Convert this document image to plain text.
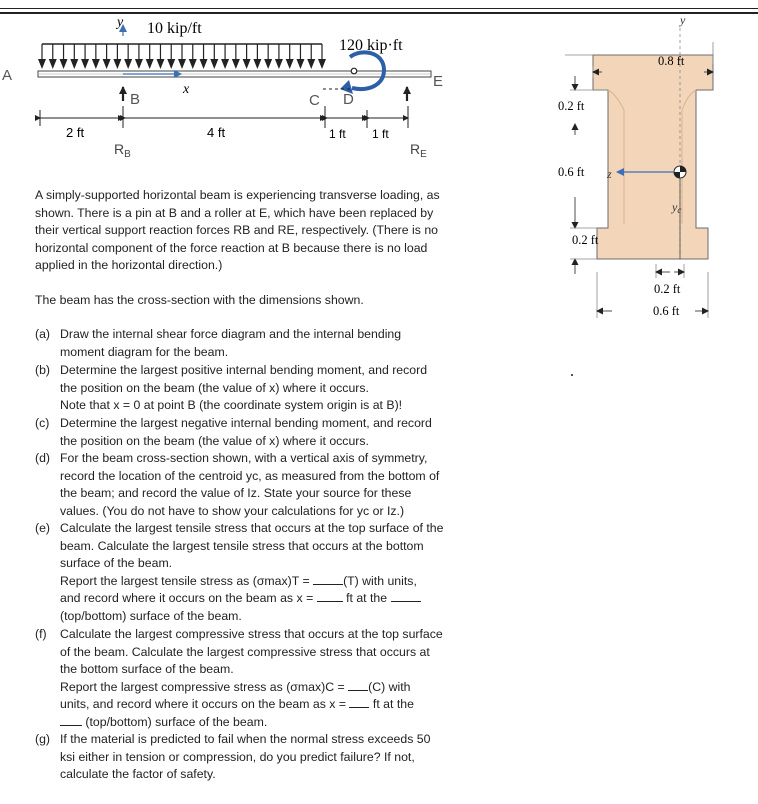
y 10 kip/ft
120 kip·ft
x
A
B	C D
E
2 ft	4 ft	1 ft 1 ft
$R_B$	$R_E$
y
z
yc
0.8 ft
0.2 ft
0.6 ft
0.2 ft
0.2 ft
0.6 ft
A simply-supported horizontal beam is experiencing transverse loading, as shown. There is a pin at B and a roller at E, which have been replaced by their vertical support reaction forces RB and RE, respectively. (There is no horizontal component of the force reaction at B because there is no load applied in the horizontal direction.)
The beam has the cross-section with the dimensions shown.
(a) Draw the internal shear force diagram and the internal bending

moment diagram for the beam.

(b) Determine the largest positive internal bending moment, and record

the position on the beam (the value of x) where it occurs.

Note that x = 0 at point B (the coordinate system origin is at B)!

(c) Determine the largest negative internal bending moment, and record

the position on the beam (the value of x) where it occurs.

(d) For the beam cross-section shown, with a vertical axis of symmetry,

record the location of the centroid yc, as measured from the bottom of

the beam; and record the value of Iz. State your source for these

values. (You do not have to show your calculations for yc or Iz.)

(e) Calculate the largest tensile stress that occurs at the top surface of the

beam. Calculate the largest tensile stress that occurs at the bottom

surface of the beam.

Report the largest tensile stress as (σmax)T =	(T) with units,

and record where it occurs on the beam as x =	ft at the

(top/bottom) surface of the beam.

(f) Calculate the largest compressive stress that occurs at the top surface

of the beam. Calculate the largest compressive stress that occurs at

the bottom surface of the beam.

Report the largest compressive stress as (σmax)C = (C) with

units, and record where it occurs on the beam as x = ft at the

(top/bottom) surface of the beam.

(g) If the material is predicted to fail when the normal stress exceeds 50

ksi either in tension or compression, do you predict failure? If not,

calculate the factor of safety.
